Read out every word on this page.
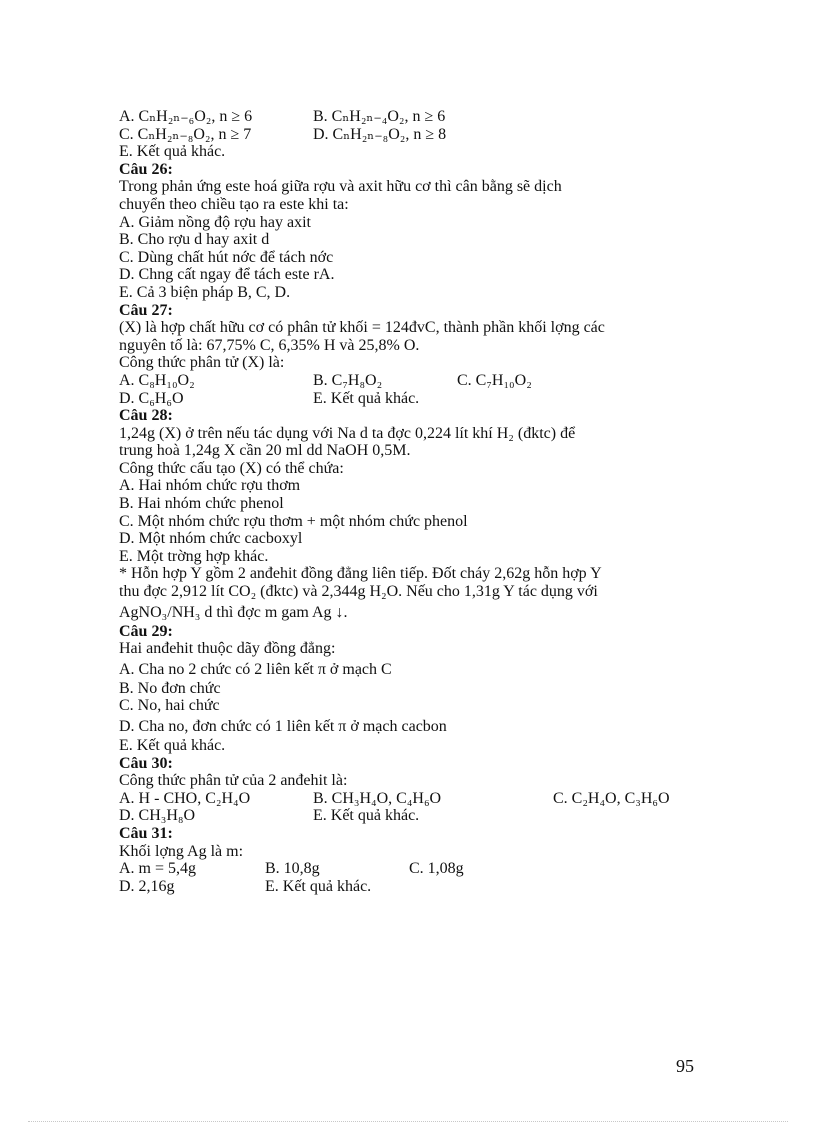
A. CₙH₂ₙ₋₆O₂, n ≥ 6	B. CₙH₂ₙ₋₄O₂, n ≥ 6
C. CₙH₂ₙ₋₈O₂, n ≥ 7	D. CₙH₂ₙ₋₈O₂, n ≥ 8
E. Kết quả khác.
Câu 26:
Trong phản ứng este hoá giữa rợu và axit hữu cơ thì cân bằng sẽ dịch
chuyển theo chiều tạo ra este khi ta:
A. Giảm nồng độ rợu hay axit
B. Cho rợu d hay axit d
C. Dùng chất hút nớc để tách nớc
D. Chng cất ngay để tách este rA.
E. Cả 3 biện pháp B, C, D.
Câu 27:
(X) là hợp chất hữu cơ có phân tử khối = 124đvC, thành phần khối lợng các
nguyên tố là: 67,75% C, 6,35% H và 25,8% O.
Công thức phân tử (X) là:
A. C₈H₁₀O₂	B. C₇H₈O₂	C. C₇H₁₀O₂
D. C₆H₆O	E. Kết quả khác.
Câu 28:
1,24g (X) ở trên nếu tác dụng với Na d ta đợc 0,224 lít khí H₂ (đktc) để
trung hoà 1,24g X cần 20 ml dd NaOH 0,5M.
Công thức cấu tạo (X) có thể chứa:
A. Hai nhóm chức rợu thơm
B. Hai nhóm chức phenol
C. Một nhóm chức rợu thơm + một nhóm chức phenol
D. Một nhóm chức cacboxyl
E. Một trờng hợp khác.
* Hỗn hợp Y gồm 2 anđehit đồng đẳng liên tiếp. Đốt cháy 2,62g hỗn hợp Y
thu đợc 2,912 lít CO₂ (đktc) và 2,344g H₂O. Nếu cho 1,31g Y tác dụng với
AgNO₃/NH₃ d thì đợc m gam Ag ↓.
Câu 29:
Hai anđehit thuộc dãy đồng đẳng:
A. Cha no 2 chức có 2 liên kết π ở mạch C
B. No đơn chức
C. No, hai chức
D. Cha no, đơn chức có 1 liên kết π ở mạch cacbon
E. Kết quả khác.
Câu 30:
Công thức phân tử của 2 anđehit là:
A. H - CHO, C₂H₄O	B. CH₃H₄O, C₄H₆O	C. C₂H₄O, C₃H₆O
D. CH₃H₈O	E. Kết quả khác.
Câu 31:
Khối lợng Ag là m:
A. m = 5,4g	B. 10,8g	C. 1,08g
D. 2,16g	E. Kết quả khác.
95
